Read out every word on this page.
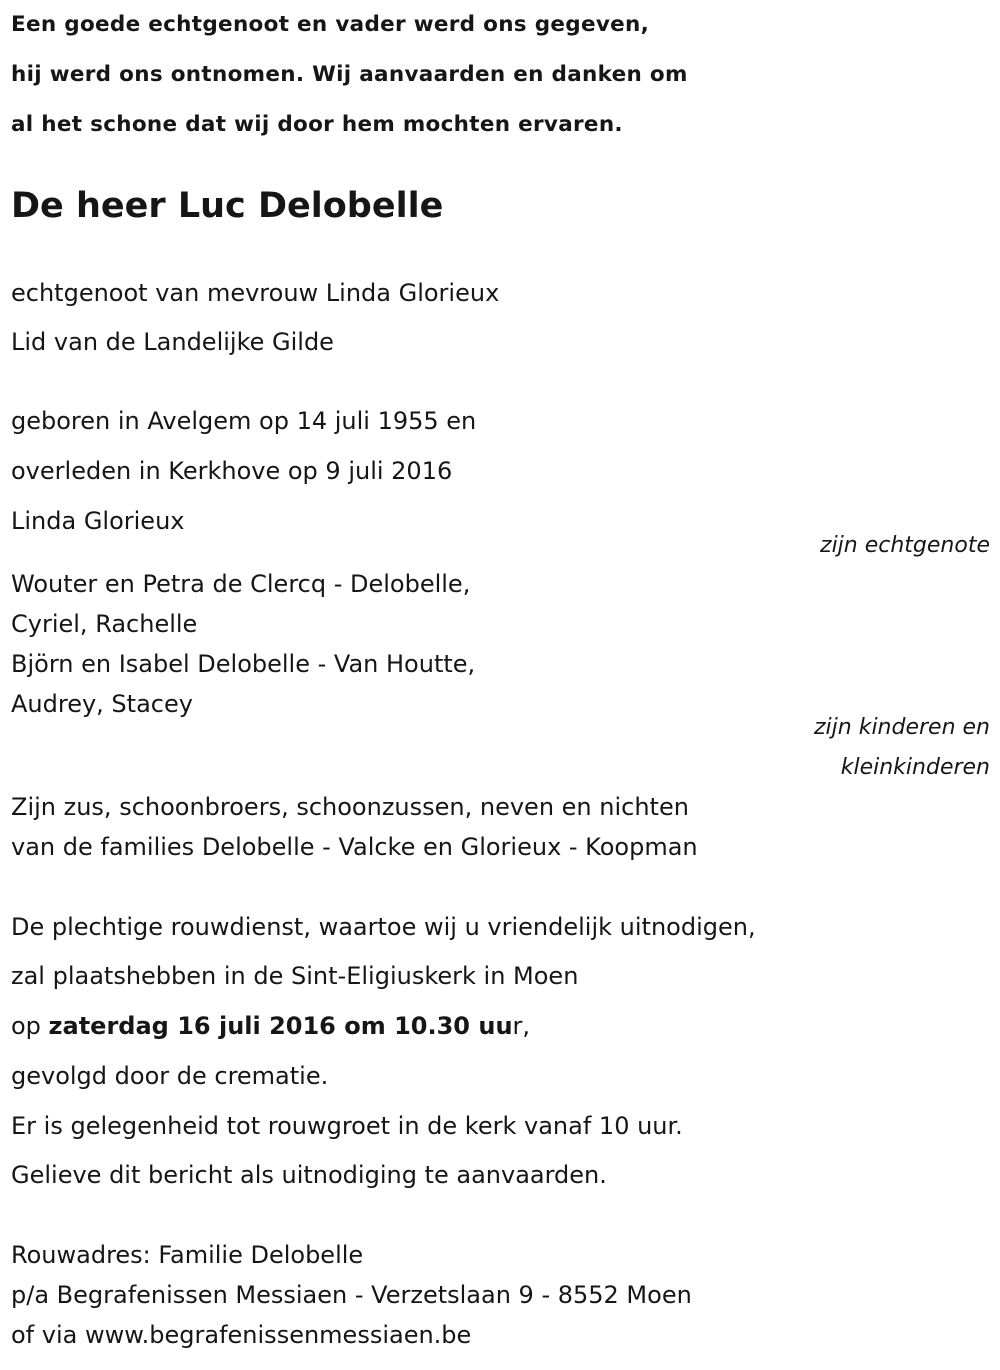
Een goede echtgenoot en vader werd ons gegeven,

hij werd ons ontnomen. Wij aanvaarden en danken om

al het schone dat wij door hem mochten ervaren.

De heer Luc Delobelle

echtgenoot van mevrouw Linda Glorieux

Lid van de Landelijke Gilde

geboren in Avelgem op 14 juli 1955 en

overleden in Kerkhove op 9 juli 2016

Linda Glorieux

zijn echtgenote

Wouter en Petra de Clercq - Delobelle,

Cyriel, Rachelle

Björn en Isabel Delobelle - Van Houtte,

Audrey, Stacey

zijn kinderen en

kleinkinderen

Zijn zus, schoonbroers, schoonzussen, neven en nichten

van de families Delobelle - Valcke en Glorieux - Koopman

De plechtige rouwdienst, waartoe wij u vriendelijk uitnodigen,

zal plaatshebben in de Sint-Eligiuskerk in Moen

op zaterdag 16 juli 2016 om 10.30 uur,

gevolgd door de crematie.

Er is gelegenheid tot rouwgroet in de kerk vanaf 10 uur.

Gelieve dit bericht als uitnodiging te aanvaarden.

Rouwadres: Familie Delobelle

p/a Begrafenissen Messiaen - Verzetslaan 9 - 8552 Moen

of via www.begrafenissenmessiaen.be
